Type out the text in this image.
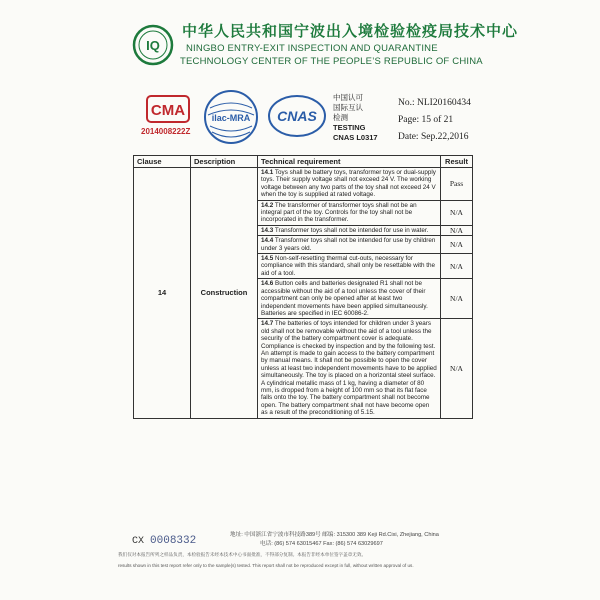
IQ
中华人民共和国宁波出入境检验检疫局技术中心
NINGBO ENTRY-EXIT INSPECTION AND QUARANTINE
TECHNOLOGY CENTER OF THE PEOPLE’S REPUBLIC OF CHINA
CMA
2014008222Z
ilac-MRA CNAS
中国认可
国际互认
检测
TESTING
CNAS L0317
No.: NLI20160434
Page: 15 of 21
Date: Sep.22,2016
Clause	Description	Technical requirement	Result
14	Construction	14.1 Toys shall be battery toys, transformer toys or dual-supply toys. Their supply voltage shall not exceed 24 V. The working voltage between any two parts of the toy shall not exceed 24 V when the toy is supplied at rated voltage.	Pass
		14.2 The transformer of transformer toys shall not be an integral part of the toy. Controls for the toy shall not be incorporated in the transformer.	N/A
		14.3 Transformer toys shall not be intended for use in water.	N/A
		14.4 Transformer toys shall not be intended for use by children under 3 years old.	N/A
		14.5 Non-self-resetting thermal cut-outs, necessary for compliance with this standard, shall only be resettable with the aid of a tool.	N/A
		14.6 Button cells and batteries designated R1 shall not be accessible without the aid of a tool unless the cover of their compartment can only be opened after at least two independent movements have been applied simultaneously. Batteries are specified in IEC 60086-2.	N/A
		14.7 The batteries of toys intended for children under 3 years old shall not be removable without the aid of a tool unless the security of the battery compartment cover is adequate. Compliance is checked by inspection and by the following test. An attempt is made to gain access to the battery compartment by manual means. It shall not be possible to open the cover unless at least two independent movements have to be applied simultaneously. The toy is placed on a horizontal steel surface. A cylindrical metallic mass of 1 kg, having a diameter of 80 mm, is dropped from a height of 100 mm so that its flat face falls onto the toy. The battery compartment shall not become open. The battery compartment shall not have become open as a result of the preconditioning of 5.15.	N/A
CX 0008332	地址: 中国浙江省宁波市科技路389号 邮编: 315300 389 Keji Rd.Cixi, Zhejiang, China
电话: (86) 574 63015467 Fax: (86) 574 63029697
我们仅对本报告所列之样品负责，本检验报告未经本技术中心书面批准，不得部分复制。本报告非经本单位签字盖章无效。
results shown in this test report refer only to the sample(s) tested. This report shall not be reproduced except in full, without written approval of us.
